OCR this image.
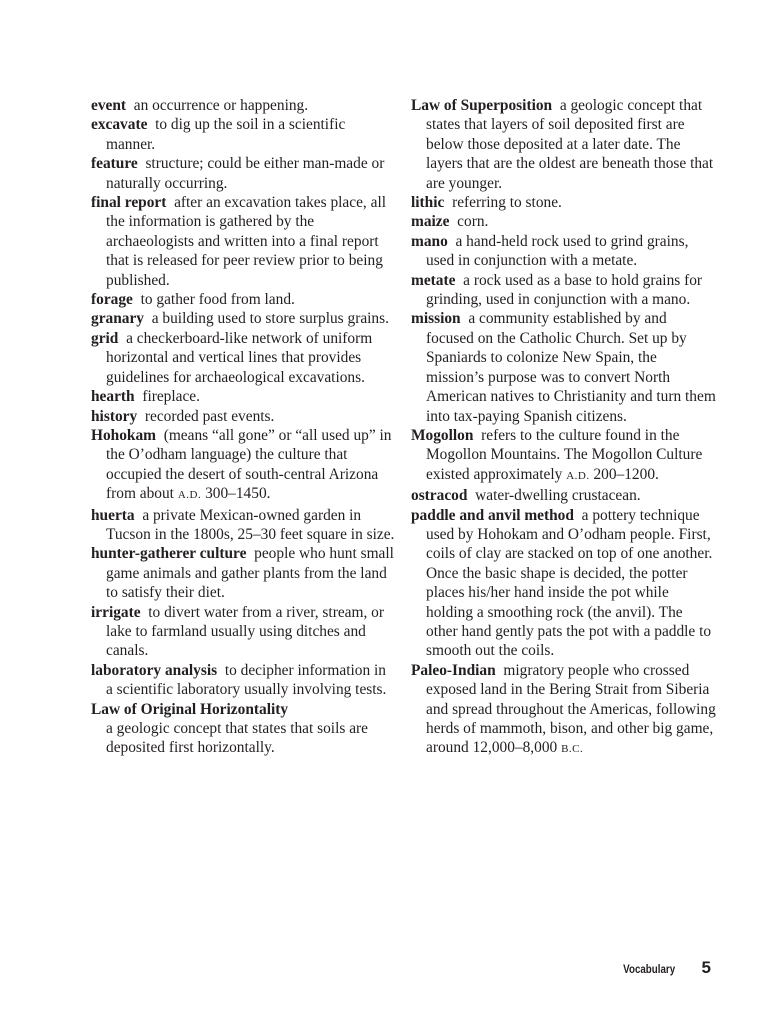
event an occurrence or happening.

excavate to dig up the soil in a scientific manner.

feature structure; could be either man-made or naturally occurring.

final report after an excavation takes place, all the information is gathered by the archaeologists and written into a final report that is released for peer review prior to being published.

forage to gather food from land.

granary a building used to store surplus grains.

grid a checkerboard-like network of uniform horizontal and vertical lines that provides guidelines for archaeological excavations.

hearth fireplace.

history recorded past events.

Hohokam (means “all gone” or “all used up” in the O’odham language) the culture that occupied the desert of south-central Arizona from about A.D. 300–1450.

huerta a private Mexican-owned garden in Tucson in the 1800s, 25–30 feet square in size.

hunter-gatherer culture people who hunt small game animals and gather plants from the land to satisfy their diet.

irrigate to divert water from a river, stream, or lake to farmland usually using ditches and canals.

laboratory analysis to decipher information in a scientific laboratory usually involving tests.

Law of Original Horizontality
a geologic concept that states that soils are deposited first horizontally.

Law of Superposition a geologic concept that states that layers of soil deposited first are below those deposited at a later date. The layers that are the oldest are beneath those that are younger.

lithic referring to stone.

maize corn.

mano a hand-held rock used to grind grains, used in conjunction with a metate.

metate a rock used as a base to hold grains for grinding, used in conjunction with a mano.

mission a community established by and focused on the Catholic Church. Set up by Spaniards to colonize New Spain, the mission’s purpose was to convert North American natives to Christianity and turn them into tax-paying Spanish citizens.

Mogollon refers to the culture found in the Mogollon Mountains. The Mogollon Culture existed approximately A.D. 200–1200.

ostracod water-dwelling crustacean.

paddle and anvil method a pottery technique used by Hohokam and O’odham people. First, coils of clay are stacked on top of one another. Once the basic shape is decided, the potter places his/her hand inside the pot while holding a smoothing rock (the anvil). The other hand gently pats the pot with a paddle to smooth out the coils.

Paleo-Indian migratory people who crossed exposed land in the Bering Strait from Siberia and spread throughout the Americas, following herds of mammoth, bison, and other big game, around 12,000–8,000 B.C.

Vocabulary 5
